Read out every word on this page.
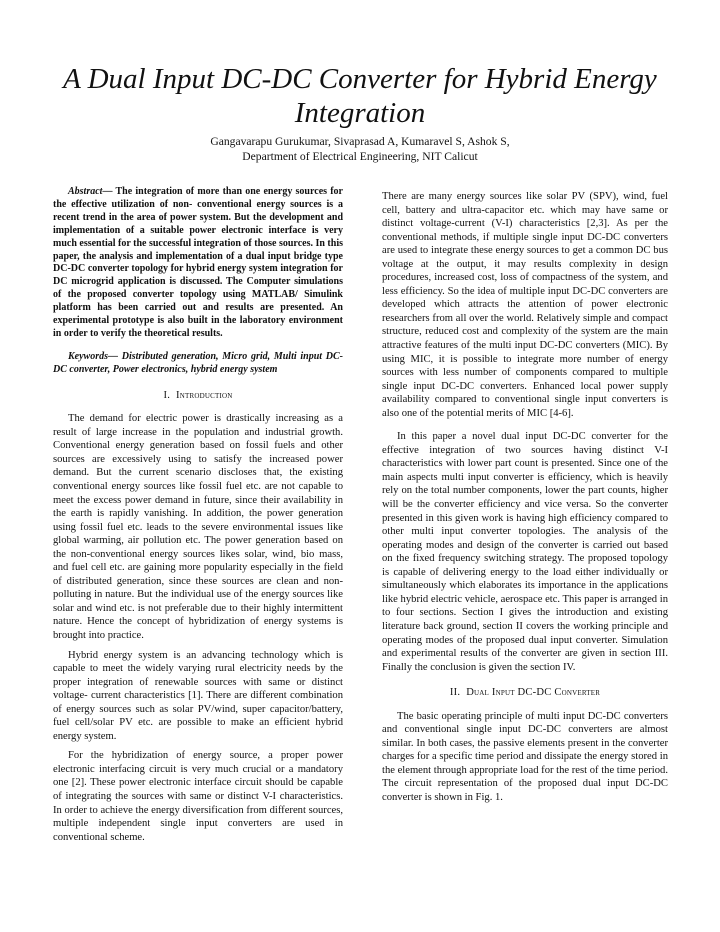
A Dual Input DC-DC Converter for Hybrid Energy Integration
Gangavarapu Gurukumar, Sivaprasad A, Kumaravel S, Ashok S,
Department of Electrical Engineering, NIT Calicut

Abstract— The integration of more than one energy sources for the effective utilization of non- conventional energy sources is a recent trend in the area of power system. But the development and implementation of a suitable power electronic interface is very much essential for the successful integration of those sources. In this paper, the analysis and implementation of a dual input bridge type DC-DC converter topology for hybrid energy system integration for DC microgrid application is discussed. The Computer simulations of the proposed converter topology using MATLAB/ Simulink platform has been carried out and results are presented. An experimental prototype is also built in the laboratory environment in order to verify the theoretical results.

Keywords— Distributed generation, Micro grid, Multi input DC-DC converter, Power electronics, hybrid energy system

I. Introduction

The demand for electric power is drastically increasing as a result of large increase in the population and industrial growth. Conventional energy generation based on fossil fuels and other sources are excessively using to satisfy the increased power demand. But the current scenario discloses that, the existing conventional energy sources like fossil fuel etc. are not capable to meet the excess power demand in future, since their availability in the earth is rapidly vanishing. In addition, the power generation using fossil fuel etc. leads to the severe environmental issues like global warming, air pollution etc. The power generation based on the non-conventional energy sources likes solar, wind, bio mass, and fuel cell etc. are gaining more popularity especially in the field of distributed generation, since these sources are clean and non-polluting in nature. But the individual use of the energy sources like solar and wind etc. is not preferable due to their highly intermittent nature. Hence the concept of hybridization of energy systems is brought into practice.

Hybrid energy system is an advancing technology which is capable to meet the widely varying rural electricity needs by the proper integration of renewable sources with same or distinct voltage- current characteristics [1]. There are different combination of energy sources such as solar PV/wind, super capacitor/battery, fuel cell/solar PV etc. are possible to make an efficient hybrid energy system.

For the hybridization of energy source, a proper power electronic interfacing circuit is very much crucial or a mandatory one [2]. These power electronic interface circuit should be capable of integrating the sources with same or distinct V-I characteristics. In order to achieve the energy diversification from different sources, multiple independent single input converters are used in conventional scheme.

There are many energy sources like solar PV (SPV), wind, fuel cell, battery and ultra-capacitor etc. which may have same or distinct voltage-current (V-I) characteristics [2,3]. As per the conventional methods, if multiple single input DC-DC converters are used to integrate these energy sources to get a common DC bus voltage at the output, it may results complexity in design procedures, increased cost, loss of compactness of the system, and less efficiency. So the idea of multiple input DC-DC converters are developed which attracts the attention of power electronic researchers from all over the world. Relatively simple and compact structure, reduced cost and complexity of the system are the main attractive features of the multi input DC-DC converters (MIC). By using MIC, it is possible to integrate more number of energy sources with less number of components compared to multiple single input DC-DC converters. Enhanced local power supply availability compared to conventional single input converters is also one of the potential merits of MIC [4-6].

In this paper a novel dual input DC-DC converter for the effective integration of two sources having distinct V-I characteristics with lower part count is presented. Since one of the main aspects multi input converter is efficiency, which is heavily rely on the total number components, lower the part counts, higher will be the converter efficiency and vice versa. So the converter presented in this given work is having high efficiency compared to other multi input converter topologies. The analysis of the operating modes and design of the converter is carried out based on the fixed frequency switching strategy. The proposed topology is capable of delivering energy to the load either individually or simultaneously which elaborates its importance in the applications like hybrid electric vehicle, aerospace etc. This paper is arranged in to four sections. Section I gives the introduction and existing literature back ground, section II covers the working principle and operating modes of the proposed dual input converter. Simulation and experimental results of the converter are given in section III. Finally the conclusion is given the section IV.

II. Dual Input DC-DC Converter

The basic operating principle of multi input DC-DC converters and conventional single input DC-DC converters are almost similar. In both cases, the passive elements present in the converter charges for a specific time period and dissipate the energy stored in the element through appropriate load for the rest of the time period. The circuit representation of the proposed dual input DC-DC converter is shown in Fig. 1.
